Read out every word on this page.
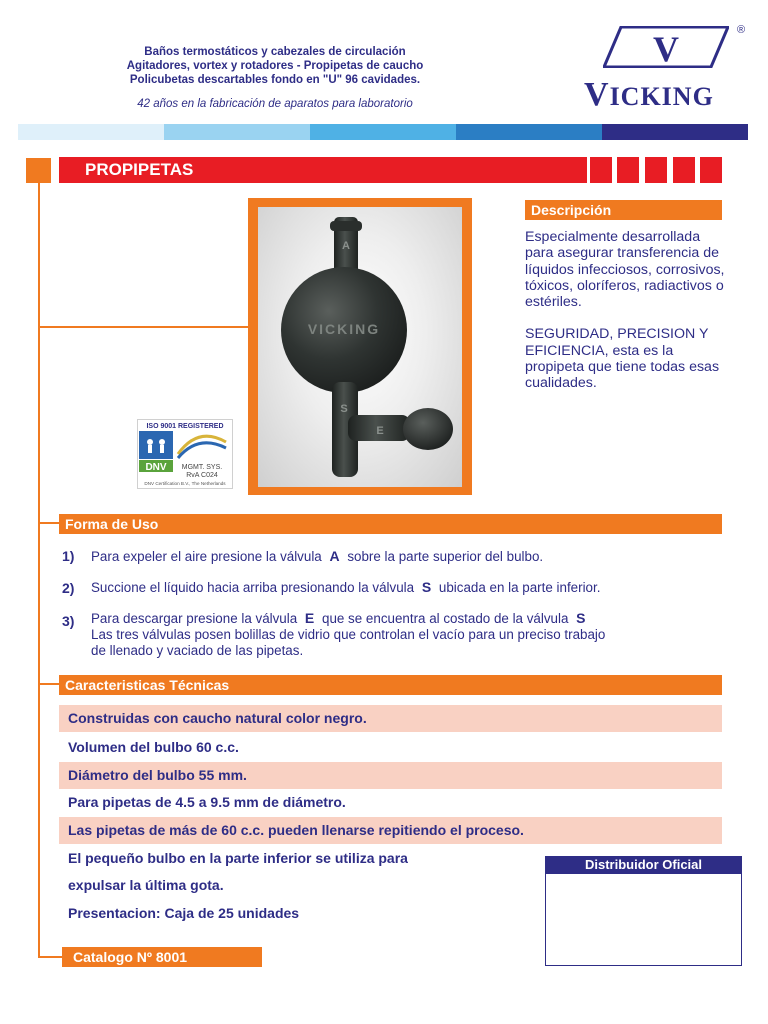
Baños termostáticos y cabezales de circulación
Agitadores, vortex y rotadores - Propipetas de caucho
Policubetas descartables fondo en "U" 96 cavidades.
42 años en la fabricación de aparatos para laboratorio
V
VICKING
®
PROPIPETAS
VICKING
A
S
E
Descripción

Especialmente desarrollada para asegurar transferencia de líquidos infecciosos, corrosivos, tóxicos, oloríferos, radiactivos o estériles.

SEGURIDAD, PRECISION Y EFICIENCIA, esta es la propipeta que tiene todas esas cualidades.

ISO 9001 REGISTERED
DNV MGMT. SYS.
RvA C024
DNV Certification B.V., The Netherlands
Forma de Uso
1) Para expeler el aire presione la válvula A sobre la parte superior del bulbo.
2) Succione el líquido hacia arriba presionando la válvula S ubicada en la parte inferior.
3) Para descargar presione la válvula E que se encuentra al costado de la válvula S
Las tres válvulas posen bolillas de vidrio que controlan el vacío para un preciso trabajo
de llenado y vaciado de las pipetas.
Caracteristicas Técnicas
Construidas con caucho natural color negro.
Volumen del bulbo 60 c.c.
Diámetro del bulbo 55 mm.
Para pipetas de 4.5 a 9.5 mm de diámetro.
Las pipetas de más de 60 c.c. pueden llenarse repitiendo el proceso.
El pequeño bulbo en la parte inferior se utiliza para
expulsar la última gota.
Presentacion: Caja de 25 unidades
Distribuidor Oficial
Catalogo Nº 8001
